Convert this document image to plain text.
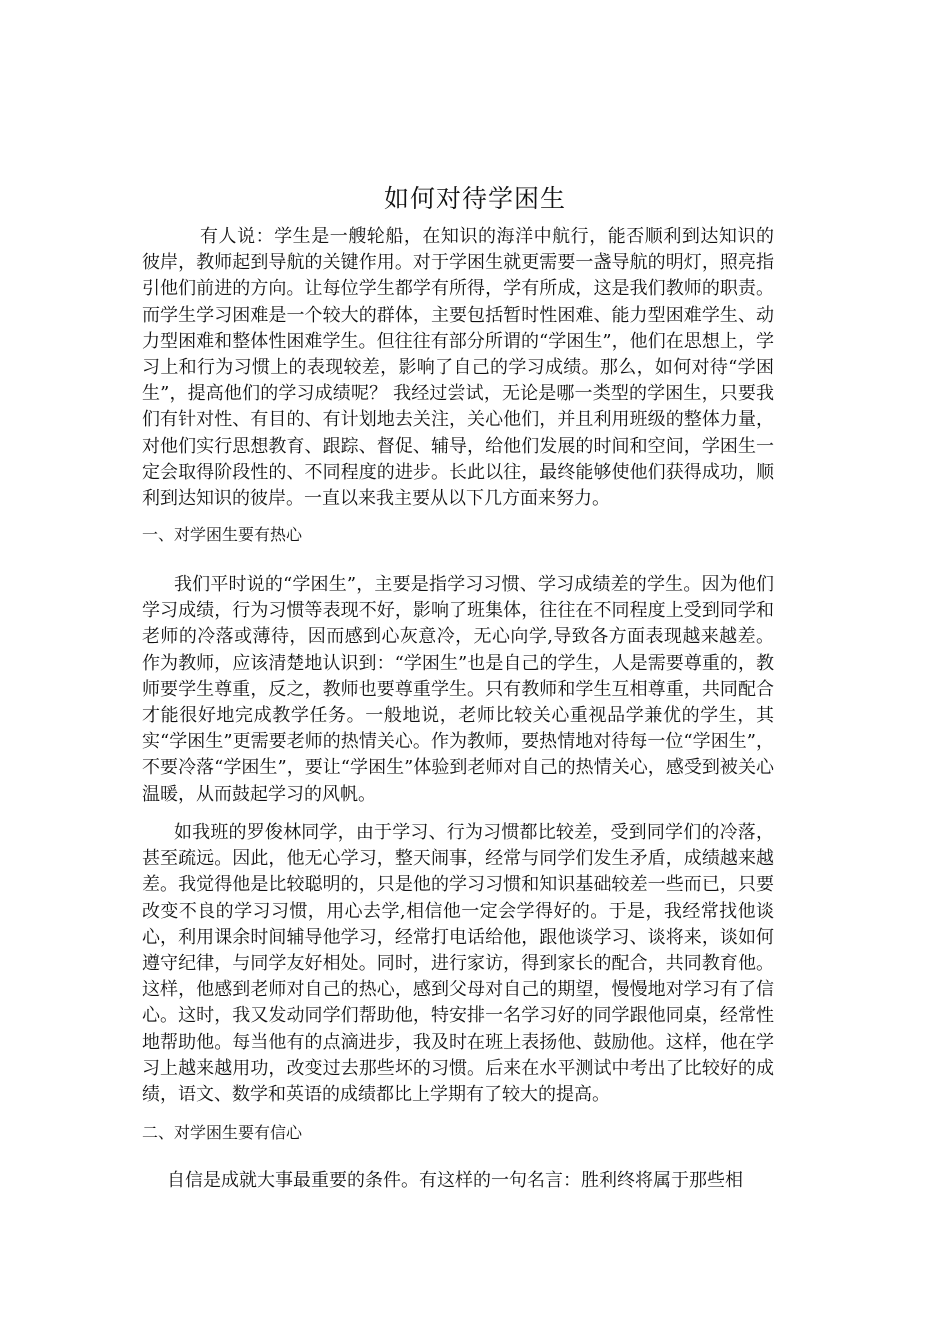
如何对待学困生

有人说：学生是一艘轮船，在知识的海洋中航行，能否顺利到达知识的彼岸，教师起到导航的关键作用。对于学困生就更需要一盏导航的明灯，照亮指引他们前进的方向。让每位学生都学有所得，学有所成，这是我们教师的职责。而学生学习困难是一个较大的群体，主要包括暂时性困难、能力型困难学生、动力型困难和整体性困难学生。但往往有部分所谓的“学困生”，他们在思想上，学习上和行为习惯上的表现较差，影响了自己的学习成绩。那么，如何对待“学困生”，提高他们的学习成绩呢？ 我经过尝试，无论是哪一类型的学困生，只要我们有针对性、有目的、有计划地去关注，关心他们，并且利用班级的整体力量，对他们实行思想教育、跟踪、督促、辅导，给他们发展的时间和空间，学困生一定会取得阶段性的、不同程度的进步。长此以往，最终能够使他们获得成功，顺利到达知识的彼岸。一直以来我主要从以下几方面来努力。

一、对学困生要有热心

我们平时说的“学困生”，主要是指学习习惯、学习成绩差的学生。因为他们学习成绩，行为习惯等表现不好，影响了班集体，往往在不同程度上受到同学和老师的冷落或薄待，因而感到心灰意冷，无心向学,导致各方面表现越来越差。作为教师，应该清楚地认识到：“学困生”也是自己的学生，人是需要尊重的，教师要学生尊重，反之，教师也要尊重学生。只有教师和学生互相尊重，共同配合才能很好地完成教学任务。一般地说，老师比较关心重视品学兼优的学生，其实“学困生”更需要老师的热情关心。作为教师，要热情地对待每一位“学困生”，不要冷落“学困生”，要让“学困生”体验到老师对自己的热情关心，感受到被关心温暖，从而鼓起学习的风帆。

如我班的罗俊林同学，由于学习、行为习惯都比较差，受到同学们的冷落，甚至疏远。因此，他无心学习，整天闹事，经常与同学们发生矛盾，成绩越来越差。我觉得他是比较聪明的，只是他的学习习惯和知识基础较差一些而已，只要改变不良的学习习惯，用心去学,相信他一定会学得好的。于是，我经常找他谈心，利用课余时间辅导他学习，经常打电话给他，跟他谈学习、谈将来，谈如何遵守纪律，与同学友好相处。同时，进行家访，得到家长的配合，共同教育他。这样，他感到老师对自己的热心，感到父母对自己的期望，慢慢地对学习有了信心。这时，我又发动同学们帮助他，特安排一名学习好的同学跟他同桌，经常性地帮助他。每当他有的点滴进步，我及时在班上表扬他、鼓励他。这样，他在学习上越来越用功，改变过去那些坏的习惯。后来在水平测试中考出了比较好的成绩，语文、数学和英语的成绩都比上学期有了较大的提高。

二、对学困生要有信心

自信是成就大事最重要的条件。有这样的一句名言：胜利终将属于那些相
